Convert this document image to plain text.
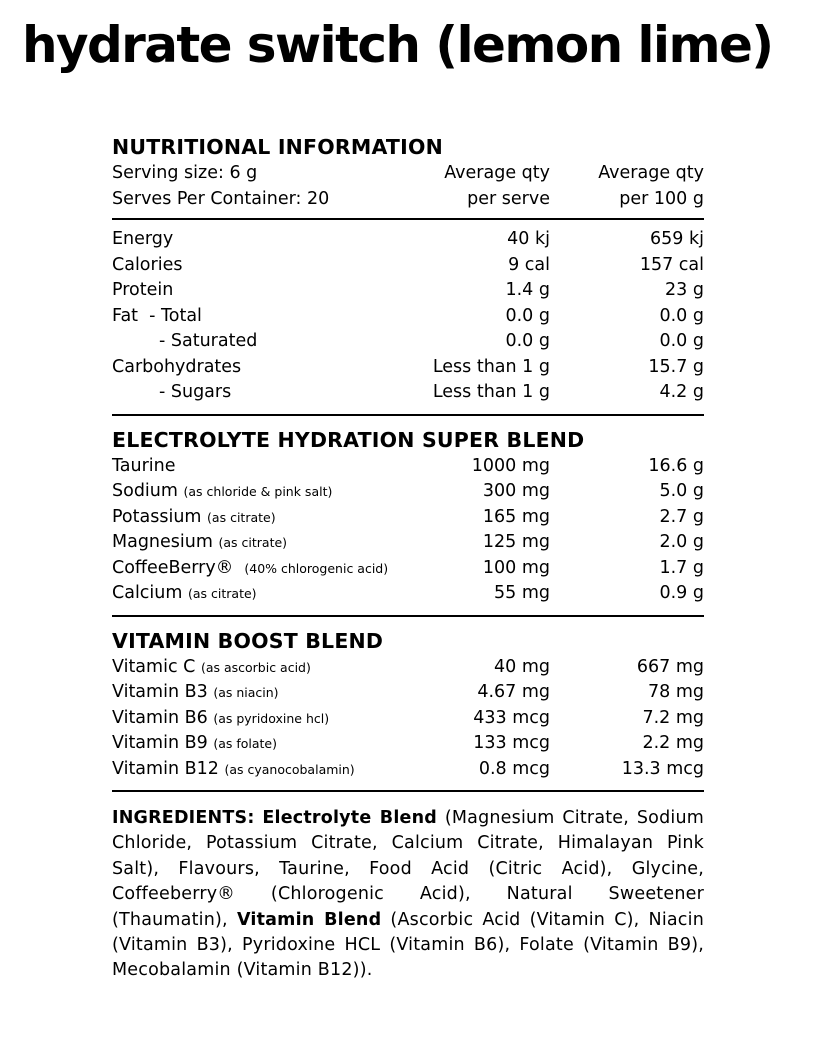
hydrate switch (lemon lime)
NUTRITIONAL INFORMATION
Serving size: 6 g	Average qty	Average qty
Serves Per Container: 20	per serve	per 100 g
Energy	40 kj	659 kj
Calories	9 cal	157 cal
Protein	1.4 g	23 g
Fat  - Total	0.0 g	0.0 g
- Saturated	0.0 g	0.0 g
Carbohydrates	Less than 1 g	15.7 g
- Sugars	Less than 1 g	4.2 g
ELECTROLYTE HYDRATION SUPER BLEND
Taurine	1000 mg	16.6 g
Sodium (as chloride & pink salt)	300 mg	5.0 g
Potassium (as citrate)	165 mg	2.7 g
Magnesium (as citrate)	125 mg	2.0 g
CoffeeBerry® (40% chlorogenic acid)	100 mg	1.7 g
Calcium (as citrate)	55 mg	0.9 g
VITAMIN BOOST BLEND
Vitamic C (as ascorbic acid)	40 mg	667 mg
Vitamin B3 (as niacin)	4.67 mg	78 mg
Vitamin B6 (as pyridoxine hcl)	433 mcg	7.2 mg
Vitamin B9 (as folate)	133 mcg	2.2 mg
Vitamin B12 (as cyanocobalamin)	0.8 mcg	13.3 mcg
INGREDIENTS: Electrolyte Blend (Magnesium Citrate, Sodium Chloride, Potassium Citrate, Calcium Citrate, Himalayan Pink Salt), Flavours, Taurine, Food Acid (Citric Acid), Glycine, Coffeeberry® (Chlorogenic Acid), Natural Sweetener (Thaumatin), Vitamin Blend (Ascorbic Acid (Vitamin C), Niacin (Vitamin B3), Pyridoxine HCL (Vitamin B6), Folate (Vitamin B9), Mecobalamin (Vitamin B12)).
